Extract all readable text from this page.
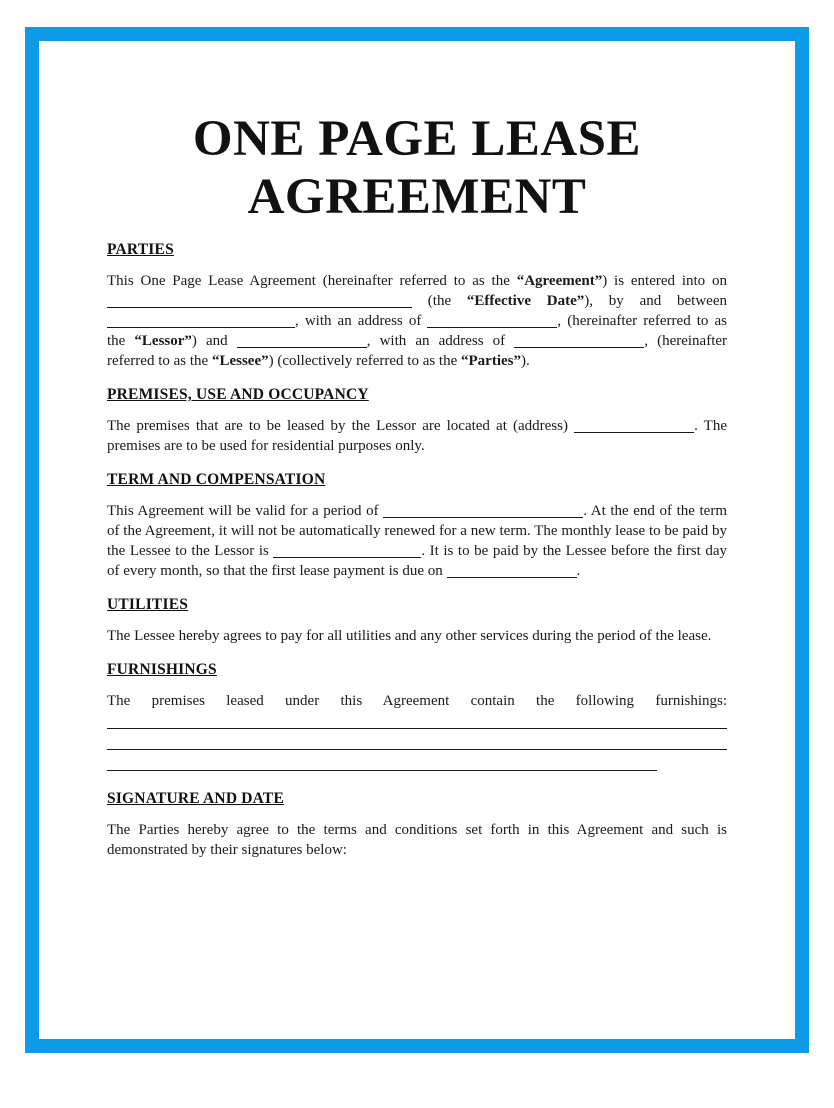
ONE PAGE LEASE
AGREEMENT
PARTIES

This One Page Lease Agreement (hereinafter referred to as the “Agreement”) is entered into on  (the “Effective Date”), by and between , with an address of	, (hereinafter referred to as the “Lessor”) and	, with an address of	, (hereinafter referred to as the “Lessee”) (collectively referred to as the “Parties”).

PREMISES, USE AND OCCUPANCY

The premises that are to be leased by the Lessor are located at (address)	. The premises are to be used for residential purposes only.

TERM AND COMPENSATION

This Agreement will be valid for a period of	. At the end of the term of the Agreement, it will not be automatically renewed for a new term. The monthly lease to be paid by the Lessee to the Lessor is	. It is to be paid by the Lessee before the first day of every month, so that the first lease payment is due on	.

UTILITIES

The Lessee hereby agrees to pay for all utilities and any other services during the period of the lease.

FURNISHINGS

The premises leased under this Agreement contain the following furnishings:

SIGNATURE AND DATE

The Parties hereby agree to the terms and conditions set forth in this Agreement and such is demonstrated by their signatures below:
